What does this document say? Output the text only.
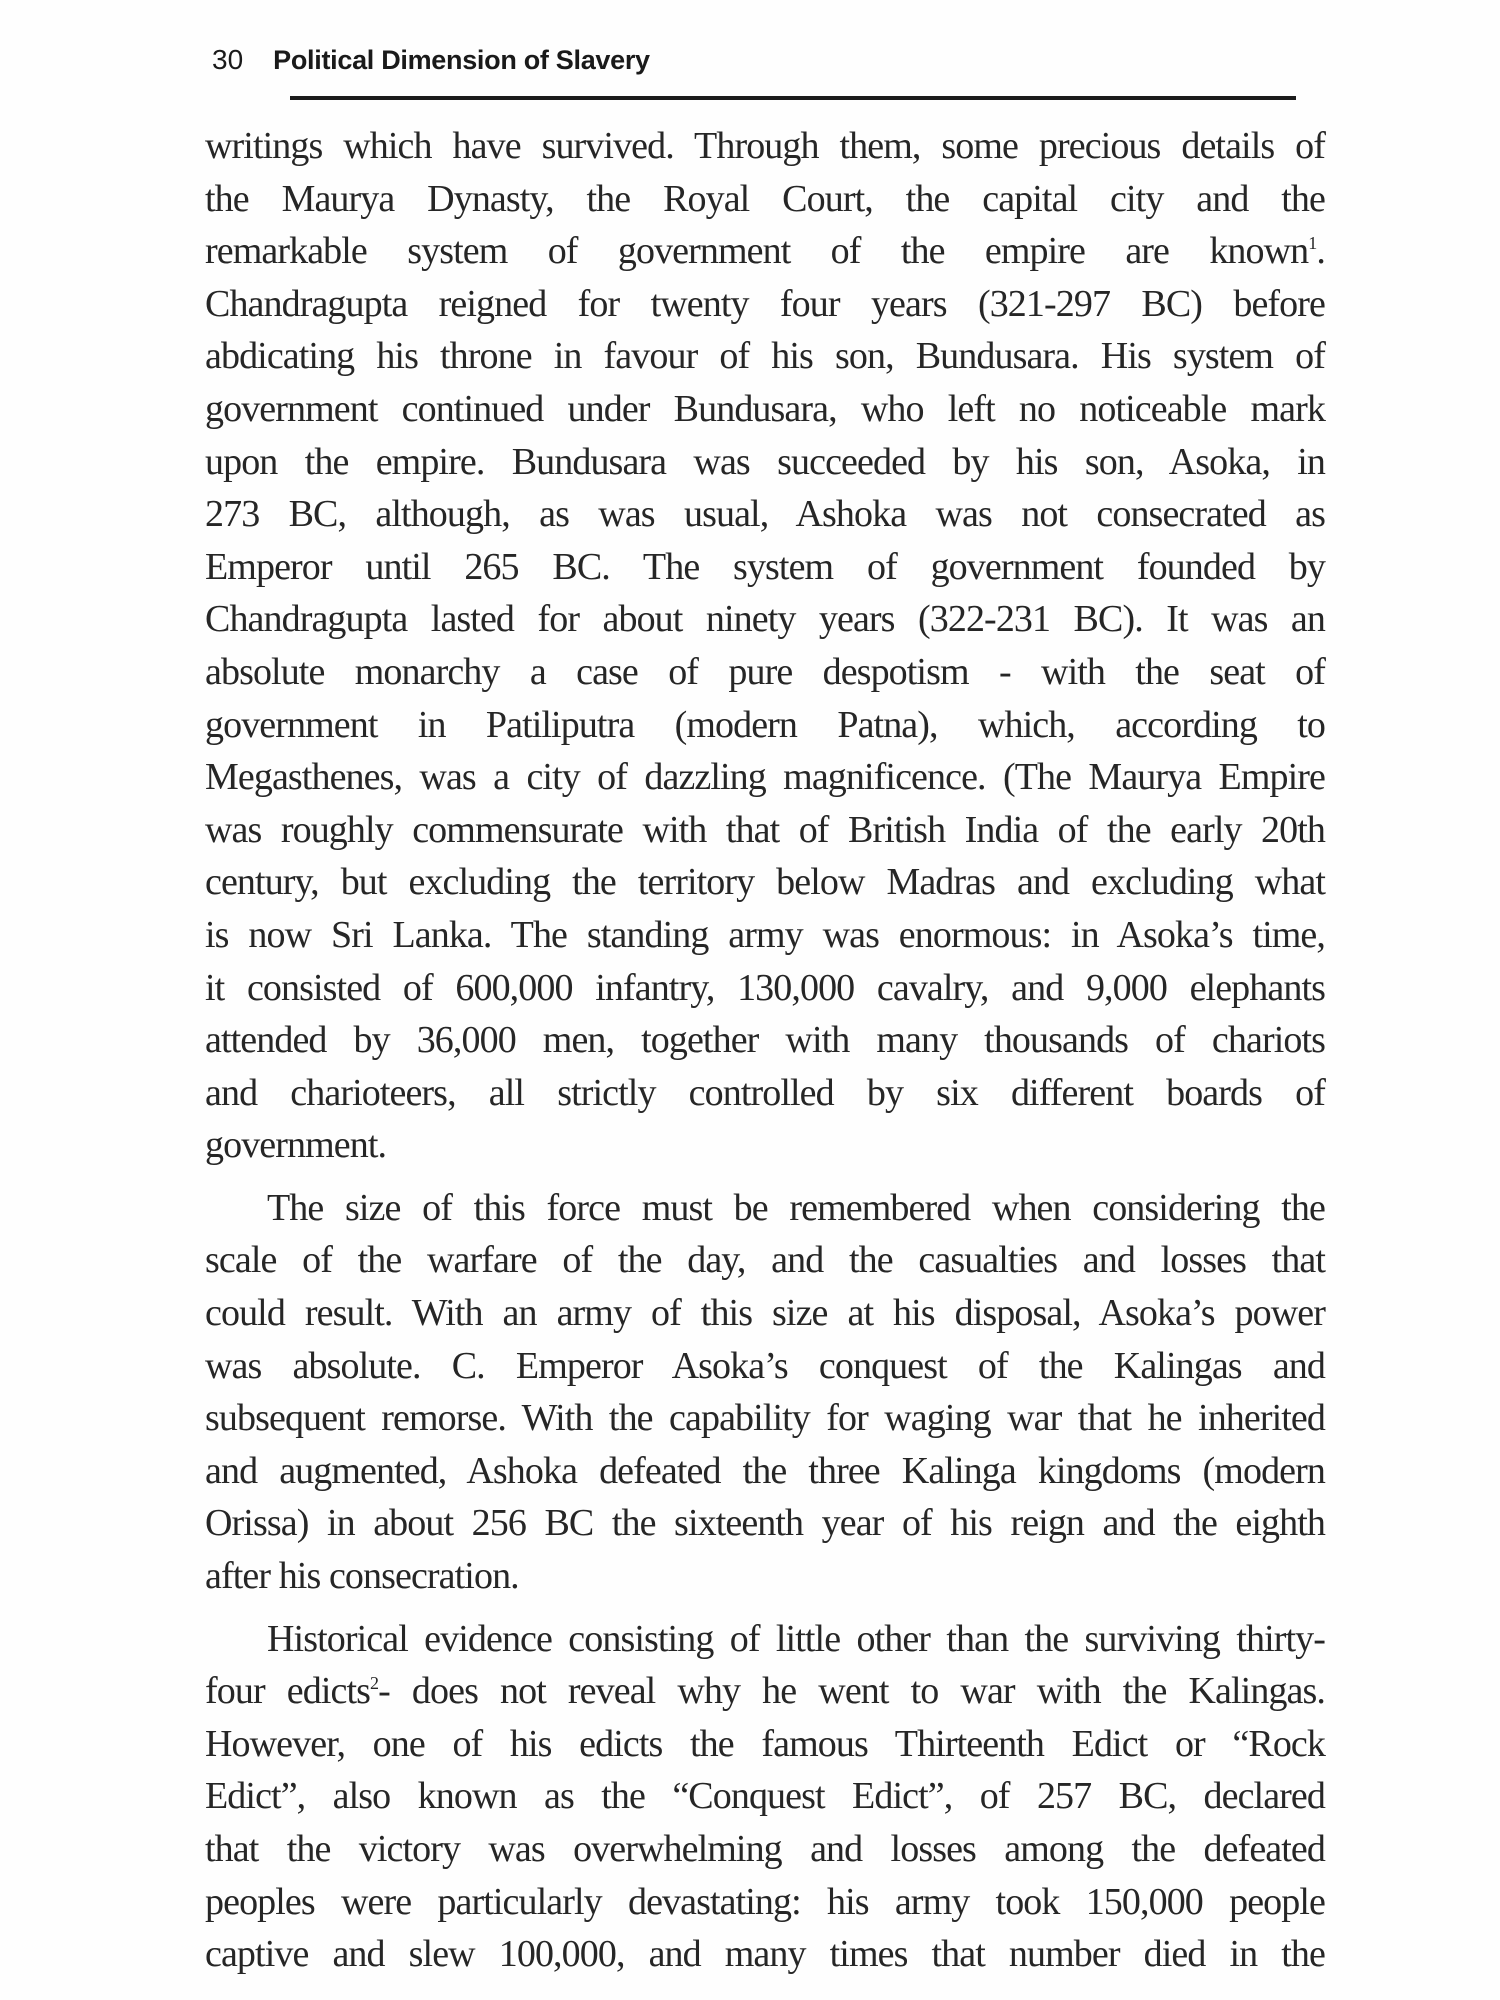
30 Political Dimension of Slavery
writings which have survived. Through them, some precious details of
the Maurya Dynasty, the Royal Court, the capital city and the
remarkable system of government of the empire are known$^1$.
Chandragupta reigned for twenty four years (321-297 BC) before
abdicating his throne in favour of his son, Bundusara. His system of
government continued under Bundusara, who left no noticeable mark
upon the empire. Bundusara was succeeded by his son, Asoka, in
273 BC, although, as was usual, Ashoka was not consecrated as
Emperor until 265 BC. The system of government founded by
Chandragupta lasted for about ninety years (322-231 BC). It was an
absolute monarchy a case of pure despotism - with the seat of
government in Patiliputra (modern Patna), which, according to
Megasthenes, was a city of dazzling magnificence. (The Maurya Empire
was roughly commensurate with that of British India of the early 20th
century, but excluding the territory below Madras and excluding what
is now Sri Lanka. The standing army was enormous: in Asoka’s time,
it consisted of 600,000 infantry, 130,000 cavalry, and 9,000 elephants
attended by 36,000 men, together with many thousands of chariots
and charioteers, all strictly controlled by six different boards of
government.
The size of this force must be remembered when considering the
scale of the warfare of the day, and the casualties and losses that
could result. With an army of this size at his disposal, Asoka’s power
was absolute. C. Emperor Asoka’s conquest of the Kalingas and
subsequent remorse. With the capability for waging war that he inherited
and augmented, Ashoka defeated the three Kalinga kingdoms (modern
Orissa) in about 256 BC the sixteenth year of his reign and the eighth
after his consecration.
Historical evidence consisting of little other than the surviving thirty-
four edicts$^2$- does not reveal why he went to war with the Kalingas.
However, one of his edicts the famous Thirteenth Edict or “Rock
Edict”, also known as the “Conquest Edict”, of 257 BC, declared
that the victory was overwhelming and losses among the defeated
peoples were particularly devastating: his army took 150,000 people
captive and slew 100,000, and many times that number died in the
